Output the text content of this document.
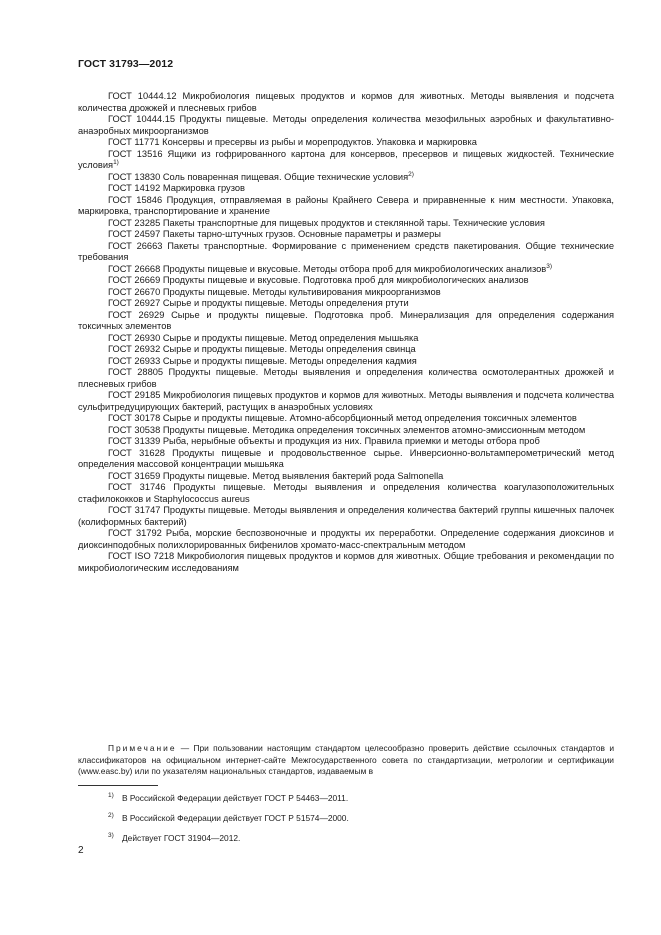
ГОСТ 31793—2012

ГОСТ 10444.12 Микробиология пищевых продуктов и кормов для животных. Методы выявления и подсчета количества дрожжей и плесневых грибов

ГОСТ 10444.15 Продукты пищевые. Методы определения количества мезофильных аэробных и факультативно-анаэробных микроорганизмов

ГОСТ 11771 Консервы и пресервы из рыбы и морепродуктов. Упаковка и маркировка

ГОСТ 13516 Ящики из гофрированного картона для консервов, пресервов и пищевых жидкостей. Технические условия$^{1)}$

ГОСТ 13830 Соль поваренная пищевая. Общие технические условия$^{2)}$

ГОСТ 14192 Маркировка грузов

ГОСТ 15846 Продукция, отправляемая в районы Крайнего Севера и приравненные к ним местности. Упаковка, маркировка, транспортирование и хранение

ГОСТ 23285 Пакеты транспортные для пищевых продуктов и стеклянной тары. Технические условия

ГОСТ 24597 Пакеты тарно-штучных грузов. Основные параметры и размеры

ГОСТ 26663 Пакеты транспортные. Формирование с применением средств пакетирования. Общие технические требования

ГОСТ 26668 Продукты пищевые и вкусовые. Методы отбора проб для микробиологических анализов$^{3)}$

ГОСТ 26669 Продукты пищевые и вкусовые. Подготовка проб для микробиологических анализов

ГОСТ 26670 Продукты пищевые. Методы культивирования микроорганизмов

ГОСТ 26927 Сырье и продукты пищевые. Методы определения ртути

ГОСТ 26929 Сырье и продукты пищевые. Подготовка проб. Минерализация для определения содержания токсичных элементов

ГОСТ 26930 Сырье и продукты пищевые. Метод определения мышьяка

ГОСТ 26932 Сырье и продукты пищевые. Методы определения свинца

ГОСТ 26933 Сырье и продукты пищевые. Методы определения кадмия

ГОСТ 28805 Продукты пищевые. Методы выявления и определения количества осмотолерантных дрожжей и плесневых грибов

ГОСТ 29185 Микробиология пищевых продуктов и кормов для животных. Методы выявления и подсчета количества сульфитредуцирующих бактерий, растущих в анаэробных условиях

ГОСТ 30178 Сырье и продукты пищевые. Атомно-абсорбционный метод определения токсичных элементов

ГОСТ 30538 Продукты пищевые. Методика определения токсичных элементов атомно-эмиссионным методом

ГОСТ 31339 Рыба, нерыбные объекты и продукция из них. Правила приемки и методы отбора проб

ГОСТ 31628 Продукты пищевые и продовольственное сырье. Инверсионно-вольтамперометрический метод определения массовой концентрации мышьяка

ГОСТ 31659 Продукты пищевые. Метод выявления бактерий рода Salmonella

ГОСТ 31746 Продукты пищевые. Методы выявления и определения количества коагулазоположительных стафилококков и Staphylococcus aureus

ГОСТ 31747 Продукты пищевые. Методы выявления и определения количества бактерий группы кишечных палочек (колиформных бактерий)

ГОСТ 31792 Рыба, морские беспозвоночные и продукты их переработки. Определение содержания диоксинов и диоксинподобных полихлорированных бифенилов хромато-масс-спектральным методом

ГОСТ ISO 7218 Микробиология пищевых продуктов и кормов для животных. Общие требования и рекомендации по микробиологическим исследованиям

Примечание — При пользовании настоящим стандартом целесообразно проверить действие ссылочных стандартов и классификаторов на официальном интернет-сайте Межгосударственного совета по стандартизации, метрологии и сертификации (www.easc.by) или по указателям национальных стандартов, издаваемым в

$^{1)}$ В Российской Федерации действует ГОСТ Р 54463—2011.

$^{2)}$ В Российской Федерации действует ГОСТ Р 51574—2000.

$^{3)}$ Действует ГОСТ 31904—2012.

2
